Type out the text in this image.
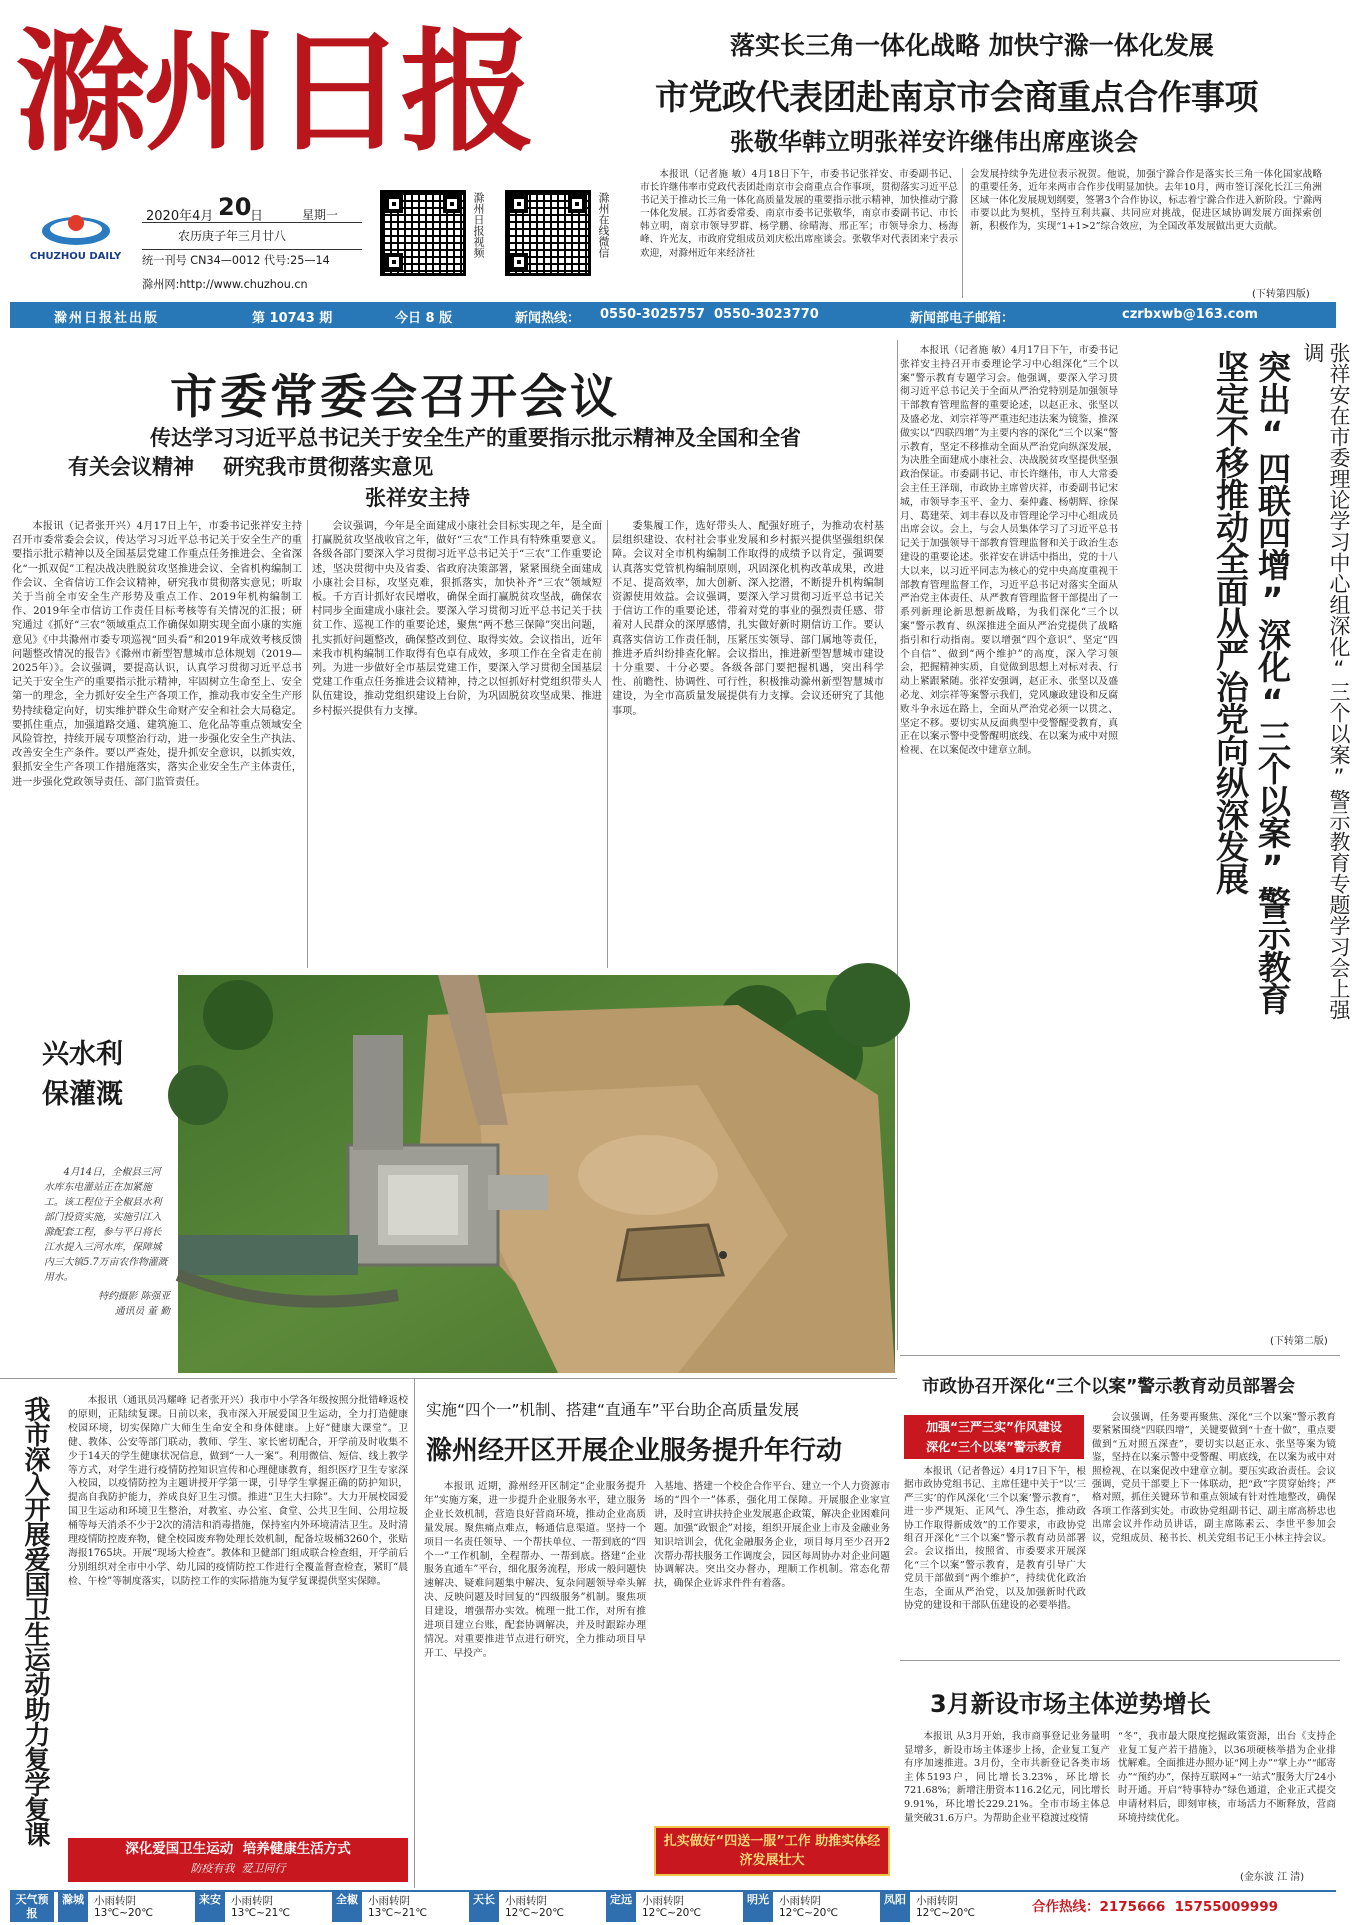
滁州日报
CHUZHOU DAILY
2020年4月 20
日	星期一
农历庚子年三月廿八
统一刊号 CN34—0012 代号:25—14
滁州网:http://www.chuzhou.cn
滁州日报视频	滁州在线微信
落实长三角一体化战略 加快宁滁一体化发展
市党政代表团赴南京市会商重点合作事项
张敬华韩立明张祥安许继伟出席座谈会
本报讯（记者施 敏）4月18日下午，市委书记张祥安、市委副书记、市长许继伟率市党政代表团赴南京市会商重点合作事项，贯彻落实习近平总书记关于推动长三角一体化高质量发展的重要指示批示精神，加快推动宁滁一体化发展。江苏省委常委、南京市委书记张敬华，南京市委副书记、市长韩立明，南京市领导罗群、杨学鹏、徐晴海、邢正军；市领导余力、杨海峰、许光友，市政府党组成员刘庆松出席座谈会。张敬华对代表团来宁表示欢迎，对滁州近年来经济社
会发展持续争先进位表示祝贺。他说，加强宁滁合作是落实长三角一体化国家战略的重要任务，近年来两市合作步伐明显加快。去年10月，两市签订深化长江三角洲区域一体化发展规划纲要，签署3个合作协议，标志着宁滁合作进入新阶段。宁滁两市要以此为契机，坚持互利共赢、共同应对挑战，促进区域协调发展方面探索创新，积极作为，实现“1+1>2”综合效应，为全国改革发展做出更大贡献。
(下转第四版)
滁州日报社出版	第 10743 期	今日 8 版	新闻热线： 0550-3025757  0550-3023770	新闻部电子邮箱：	czrbxwb@163.com
市委常委会召开会议
传达学习习近平总书记关于安全生产的重要指示批示精神及全国和全省
有关会议精神    研究我市贯彻落实意见
张祥安主持
本报讯（记者张开兴）4月17日上午，市委书记张祥安主持召开市委常委会会议，传达学习习近平总书记关于安全生产的重要指示批示精神以及全国基层党建工作重点任务推进会、全省深化“一抓双促”工程决战决胜脱贫攻坚推进会议、全省机构编制工作会议、全省信访工作会议精神，研究我市贯彻落实意见；听取关于当前全市安全生产形势及重点工作、2019年机构编制工作、2019年全市信访工作责任目标考核等有关情况的汇报；研究通过《抓好“三农”领域重点工作确保如期实现全面小康的实施意见》《中共滁州市委专项巡视“回头看”和2019年成效考核反馈问题整改情况的报告》《滁州市新型智慧城市总体规划（2019—2025年）》。会议强调，要提高认识，认真学习贯彻习近平总书记关于安全生产的重要指示批示精神，牢固树立生命至上、安全第一的理念，全力抓好安全生产各项工作，推动我市安全生产形势持续稳定向好，切实维护群众生命财产安全和社会大局稳定。要抓住重点，加强道路交通、建筑施工、危化品等重点领域安全风险管控，持续开展专项整治行动，进一步强化安全生产执法、改善安全生产条件。要以严查处，提升抓安全意识，以抓实效，狠抓安全生产各项工作措施落实，落实企业安全生产主体责任，进一步强化党政领导责任、部门监管责任。
会议强调，今年是全面建成小康社会目标实现之年，是全面打赢脱贫攻坚战收官之年，做好“三农”工作具有特殊重要意义。各级各部门要深入学习贯彻习近平总书记关于“三农”工作重要论述，坚决贯彻中央及省委、省政府决策部署，紧紧围绕全面建成小康社会目标，攻坚克难，狠抓落实，加快补齐“三农”领域短板。千方百计抓好农民增收，确保全面打赢脱贫攻坚战，确保农村同步全面建成小康社会。要深入学习贯彻习近平总书记关于扶贫工作、巡视工作的重要论述，聚焦“两不愁三保障”突出问题，扎实抓好问题整改，确保整改到位、取得实效。会议指出，近年来我市机构编制工作取得有色卓有成效，多项工作在全省走在前列。为进一步做好全市基层党建工作，要深入学习贯彻全国基层党建工作重点任务推进会议精神，持之以恒抓好村党组织带头人队伍建设，推动党组织建设上台阶，为巩固脱贫攻坚成果、推进乡村振兴提供有力支撑。
委集履工作，选好带头人、配强好班子，为推动农村基层组织建设、农村社会事业发展和乡村振兴提供坚强组织保障。会议对全市机构编制工作取得的成绩予以肯定，强调要认真落实党管机构编制原则，巩固深化机构改革成果，改进不足、提高效率，加大创新、深入挖潜，不断提升机构编制资源使用效益。会议强调，要深入学习贯彻习近平总书记关于信访工作的重要论述，带着对党的事业的强烈责任感、带着对人民群众的深厚感情，扎实做好新时期信访工作。要认真落实信访工作责任制，压紧压实领导、部门属地等责任，推进矛盾纠纷排查化解。会议指出，推进新型智慧城市建设十分重要、十分必要。各级各部门要把握机遇，突出科学性、前瞻性、协调性、可行性，积极推动滁州新型智慧城市建设，为全市高质量发展提供有力支撑。会议还研究了其他事项。	张祥安在市委理论学习中心组深化“三个以案”警示教育专题学习会上强调
突出“四联四增”深化“三个以案”警示教育
坚定不移推动全面从严治党向纵深发展
本报讯（记者施 敏）4月17日下午，市委书记张祥安主持召开市委理论学习中心组深化“三个以案”警示教育专题学习会。他强调，要深入学习贯彻习近平总书记关于全面从严治党特别是加强领导干部教育管理监督的重要论述，以赵正永、张坚以及盛必龙、刘宗祥等严重违纪违法案为镜鉴，推深做实以“四联四增”为主要内容的深化“三个以案”警示教育，坚定不移推动全面从严治党向纵深发展，为决胜全面建成小康社会、决战脱贫攻坚提供坚强政治保证。市委副书记、市长许继伟，市人大常委会主任王泽瑞，市政协主席曾庆祥，市委副书记宋城，市领导李玉平、金力、秦仲鑫、杨朝辉、徐保月、葛建荣、刘丰春以及市管理论学习中心组成员出席会议。会上，与会人员集体学习了习近平总书记关于加强领导干部教育管理监督和关于政治生态建设的重要论述。张祥安在讲话中指出，党的十八大以来，以习近平同志为核心的党中央高度重视干部教育管理监督工作，习近平总书记对落实全面从严治党主体责任、从严教育管理监督干部提出了一系列新理论新思想新战略，为我们深化“三个以案”警示教育、纵深推进全面从严治党提供了战略指引和行动指南。要以增强“四个意识”、坚定“四个自信”、做到“两个维护”的高度，深入学习领会，把握精神实质，自觉做到思想上对标对表、行动上紧跟紧随。张祥安强调，赵正永、张坚以及盛必龙、刘宗祥等案警示我们，党风廉政建设和反腐败斗争永远在路上，全面从严治党必须一以贯之、坚定不移。要切实从反面典型中受警醒受教育，真正在以案示警中受警醒明底线、在以案为戒中对照检视、在以案促改中建章立制。
(下转第二版)
兴水利 保灌溉

4月14日，全椒县三河水库东电灌站正在加紧施工。该工程位于全椒县水利部门投资实施，实施引江入滁配套工程，参与平日将长江水提入三河水库，保障城内三大镇5.7万亩农作物灌溉用水。

特约摄影 陈强亚

通讯员 董 勤

市政协召开深化“三个以案”警示教育动员部署会
加强“三严三实”作风建设
深化“三个以案”警示教育
本报讯（记者鲁远）4月17日下午，根据市政协党组书记、主席任建中关于“以‘三严三实’的作风深化‘三个以案’警示教育”，进一步严规矩、正风气、净生态，推动政协工作取得新成效”的工作要求，市政协党组召开深化“三个以案”警示教育动员部署会。会议指出，按照省、市委要求开展深化“三个以案”警示教育，是教育引导广大党员干部做到“两个维护”，持续优化政治生态，全面从严治党，以及加强新时代政协党的建设和干部队伍建设的必要举措。
会议强调，任务要再聚焦、深化“三个以案”警示教育要紧紧围绕“四联四增”，关键要做到“十查十做”，重点要做到“五对照五深查”，要切实以赵正永、张坚等案为镜鉴，坚持在以案示警中受警醒、明底线，在以案为戒中对照检视、在以案促改中建章立制。要压实政治责任。会议强调，党员干部要上下一体联动，把“政”字贯穿始终；严格对照，抓住关键环节和重点领域有针对性地整改，确保各项工作落到实处。市政协党组副书记、副主席高桥忠也出席会议并作动员讲话，副主席陈素云、李世平参加会议，党组成员、秘书长、机关党组书记王小林主持会议。
3月新设市场主体逆势增长
本报讯 从3月开始，我市商事登记业务量明显增多，新设市场主体逐步上扬，企业复工复产有序加速推进。3月份，全市共新登记各类市场主体5193户，同比增长3.23%，环比增长721.68%；新增注册资本116.2亿元，同比增长9.91%，环比增长229.21%。全市市场主体总量突破31.6万户。为帮助企业平稳渡过疫情
“冬”，我市最大限度挖掘政策资源，出台《支持企业复工复产若干措施》，以36项硬核举措为企业排忧解难。全面推进办照办证“网上办”“掌上办”“邮寄办”“预约办”，保持互联网+“一站式”服务大厅24小时开通。开启“特事特办”绿色通道，企业正式提交申请材料后，即刻审核，市场活力不断释放，营商环境持续优化。
(金东波 江 清)
我市深入开展爱国卫生运动助力复学复课	本报讯（通讯员冯耀峰 记者张开兴）我市中小学各年级按照分批错峰返校的原则，正陆续复课。日前以来，我市深入开展爱国卫生运动，全力打造健康校园环境，切实保障广大师生生命安全和身体健康。上好“健康大课堂”。卫健、教体、公安等部门联动，教师、学生、家长密切配合，开学前及时收集不少于14天的学生健康状况信息，做到“一人一案”。利用微信、短信、线上教学等方式，对学生进行疫情防控知识宣传和心理健康教育，组织医疗卫生专家深入校园，以疫情防控为主题讲授开学第一课，引导学生掌握正确的防护知识，提高自我防护能力，养成良好卫生习惯。推进“卫生大扫除”。大力开展校园爱国卫生运动和环境卫生整治，对教室、办公室、食堂、公共卫生间、公用垃圾桶等每天消杀不少于2次的清洁和消毒措施，保持室内外环境清洁卫生。及时清理疫情防控废弃物，健全校园废弃物处理长效机制，配备垃圾桶3260个，张贴海报1765块。开展“现场大检查”。教体和卫健部门组成联合检查组，开学前后分别组织对全市中小学、幼儿园的疫情防控工作进行全覆盖督查检查，紧盯“晨检、午检”等制度落实，以防控工作的实际措施为复学复课提供坚实保障。
深化爱国卫生运动  培养健康生活方式
防疫有我  爱卫同行
实施“四个一”机制、搭建“直通车”平台助企高质量发展
滁州经开区开展企业服务提升年行动
本报讯 近期，滁州经开区制定“企业服务提升年”实施方案，进一步提升企业服务水平，建立服务企业长效机制，营造良好营商环境，推动企业高质量发展。聚焦痛点难点，畅通信息渠道。坚持一个项目一名责任领导、一个帮扶单位、一帮到底的“四个一”工作机制，全程帮办、一帮到底。搭建“企业服务直通车”平台，细化服务流程，形成一般问题快速解决、疑难问题集中解决、复杂问题领导牵头解决、反映问题及时回复的“四级服务”机制。聚焦项目建设，增强帮办实效。梳理一批工作，对所有推进项目建立台账，配套协调解决，并及时跟踪办理情况。对重要推进节点进行研究，全力推动项目早开工、早投产。
入基地、搭建一个校企合作平台、建立一个人力资源市场的“四个一”体系，强化用工保障。开展服企业家宣讲，及时宣讲扶持企业发展惠企政策，解决企业困难问题。加强“政银企”对接，组织开展企业上市及金融业务知识培训会，优化金融服务企业，项目每月至少召开2次帮办帮扶服务工作调度会，园区每周协办对企业问题协调解决。突出交办督办，理顺工作机制。常态化帮扶，确保企业诉求件件有着落。
扎实做好“四送一服”工作 助推实体经济发展壮大
天气预报
滁城 小雨转阴
13℃~20℃
来安 小雨转阴
13℃~21℃
全椒 小雨转阴
13℃~21℃
天长 小雨转阴
12℃~20℃
定远 小雨转阴
12℃~20℃
明光 小雨转阴
12℃~20℃
凤阳 小雨转阴
12℃~20℃	合作热线：2175666  15755009999
